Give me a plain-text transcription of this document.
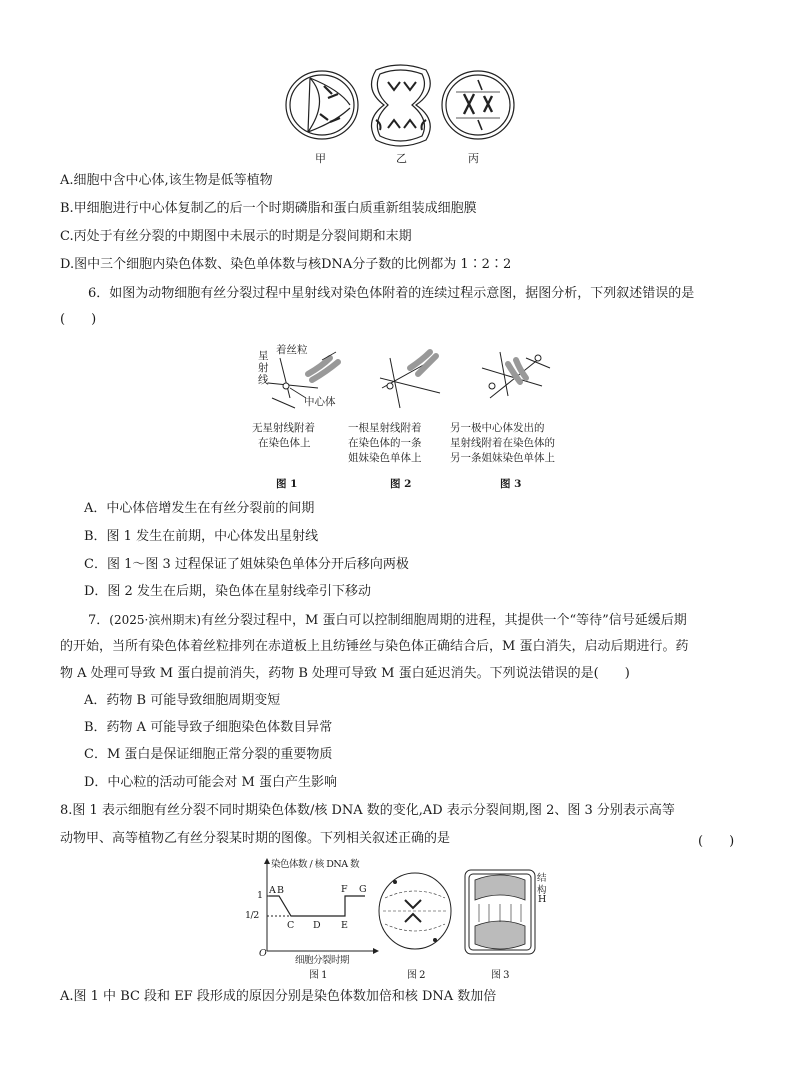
甲	乙	丙
A.细胞中含中心体,该生物是低等植物
B.甲细胞进行中心体复制乙的后一个时期磷脂和蛋白质重新组装成细胞膜
C.丙处于有丝分裂的中期图中未展示的时期是分裂间期和末期
D.图中三个细胞内染色体数、染色单体数与核DNA分子数的比例都为 1∶2∶2
6．如图为动物细胞有丝分裂过程中星射线对染色体附着的连续过程示意图，据图分析，下列叙述错误的是
(　　)
星射线
着丝粒
中心体
无星射线附着
在染色体上
一根星射线附着
在染色体的一条
姐妹染色单体上
另一极中心体发出的
星射线附着在染色体的
另一条姐妹染色单体上
图 1	图 2	图 3
A．中心体倍增发生在有丝分裂前的间期
B．图 1 发生在前期，中心体发出星射线
C．图 1～图 3 过程保证了姐妹染色单体分开后移向两极
D．图 2 发生在后期，染色体在星射线牵引下移动
7．(2025·滨州期末)有丝分裂过程中，M 蛋白可以控制细胞周期的进程，其提供一个“等待”信号延缓后期
的开始，当所有染色体着丝粒排列在赤道板上且纺锤丝与染色体正确结合后，M 蛋白消失，启动后期进行。药
物 A 处理可导致 M 蛋白提前消失，药物 B 处理可导致 M 蛋白延迟消失。下列说法错误的是(　　)
A．药物 B 可能导致细胞周期变短
B．药物 A 可能导致子细胞染色体数目异常
C．M 蛋白是保证细胞正常分裂的重要物质
D．中心粒的活动可能会对 M 蛋白产生影响
8.图 1 表示细胞有丝分裂不同时期染色体数/核 DNA 数的变化,AD 表示分裂间期,图 2、图 3 分别表示高等
动物甲、高等植物乙有丝分裂某时期的图像。下列相关叙述正确的是	(　　)
染色体数 / 核 DNA 数
1
1/2
O
A B
C D E
F G
细胞分裂时期
结
构
H
图 1	图 2	图 3
A.图 1 中 BC 段和 EF 段形成的原因分别是染色体数加倍和核 DNA 数加倍
